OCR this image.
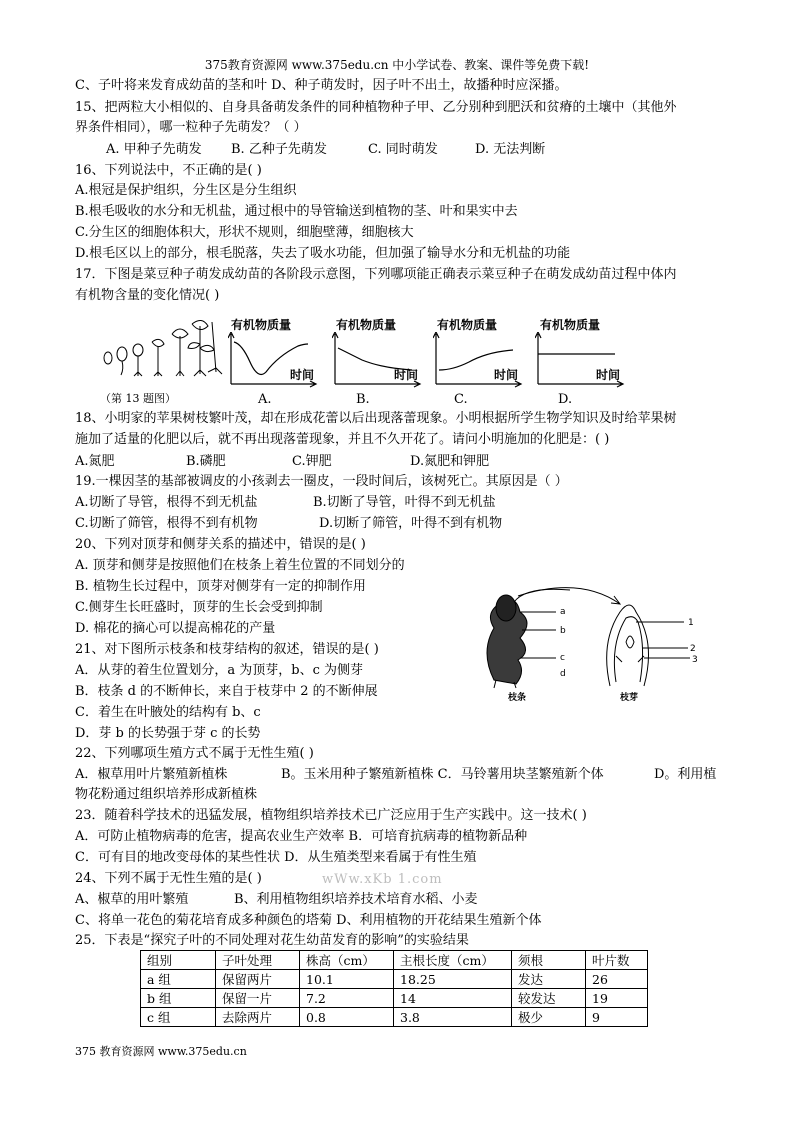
375教育资源网 www.375edu.cn 中小学试卷、教案、课件等免费下载!
C、子叶将来发育成幼苗的茎和叶 D、种子萌发时，因子叶不出土，故播种时应深播。
15、把两粒大小相似的、自身具备萌发条件的同种植物种子甲、乙分别种到肥沃和贫瘠的土壤中（其他外
界条件相同），哪一粒种子先萌发？（ ）
A. 甲种子先萌发 B. 乙种子先萌发	C. 同时萌发	D. 无法判断
16、下列说法中，不正确的是( )
A.根冠是保护组织，分生区是分生组织
B.根毛吸收的水分和无机盐，通过根中的导管输送到植物的茎、叶和果实中去
C.分生区的细胞体积大，形状不规则，细胞壁薄，细胞核大
D.根毛区以上的部分，根毛脱落，失去了吸水功能，但加强了输导水分和无机盐的功能
17．下图是菜豆种子萌发成幼苗的各阶段示意图，下列哪项能正确表示菜豆种子在萌发成幼苗过程中体内
有机物含量的变化情况( )
（第 13 题图）
有机物质量
时间
A.
有机物质量
时间
B.
有机物质量
时间
C.
有机物质量
时间
D.
18、小明家的苹果树枝繁叶茂，却在形成花蕾以后出现落蕾现象。小明根据所学生物学知识及时给苹果树
施加了适量的化肥以后，就不再出现落蕾现象，并且不久开花了。请问小明施加的化肥是：( )
A.氮肥	B.磷肥	C.钾肥	D.氮肥和钾肥
19.一棵因茎的基部被调皮的小孩剥去一圈皮，一段时间后，该树死亡。其原因是（ ）
A.切断了导管，根得不到无机盐	B.切断了导管，叶得不到无机盐
C.切断了筛管，根得不到有机物	D.切断了筛管，叶得不到有机物
20、下列对顶芽和侧芽关系的描述中，错误的是( )
A. 顶芽和侧芽是按照他们在枝条上着生位置的不同划分的
B. 植物生长过程中，顶芽对侧芽有一定的抑制作用
C.侧芽生长旺盛时，顶芽的生长会受到抑制
D. 棉花的摘心可以提高棉花的产量
21、对下图所示枝条和枝芽结构的叙述，错误的是( )
A．从芽的着生位置划分，a 为顶芽，b、c 为侧芽
B．枝条 d 的不断伸长，来自于枝芽中 2 的不断伸展
C．着生在叶腋处的结构有 b、c
D．芽 b 的长势强于芽 c 的长势
a
b
c
d
1
2
3
枝条	枝芽
22、下列哪项生殖方式不属于无性生殖( )
A．椒草用叶片繁殖新植株	B。玉米用种子繁殖新植株 C．马铃薯用块茎繁殖新个体	D。利用植
物花粉通过组织培养形成新植株
23．随着科学技术的迅猛发展，植物组织培养技术已广泛应用于生产实践中。这一技术( )
A．可防止植物病毒的危害，提高农业生产效率 B．可培育抗病毒的植物新品种
C．可有目的地改变母体的某些性状 D．从生殖类型来看属于有性生殖
24、下列不属于无性生殖的是( )	wWw.xKb 1.com
A、椒草的用叶繁殖	B、利用植物组织培养技术培育水稻、小麦
C、将单一花色的菊花培育成多种颜色的塔菊 D、利用植物的开花结果生殖新个体
25．下表是“探究子叶的不同处理对花生幼苗发育的影响”的实验结果
组别	子叶处理	株高（cm）	主根长度（cm）	须根	叶片数
a 组	保留两片	10.1	18.25	发达	26
b 组	保留一片	7.2	14	较发达	19
c 组	去除两片	0.8	3.8	极少	9
375 教育资源网 www.375edu.cn
